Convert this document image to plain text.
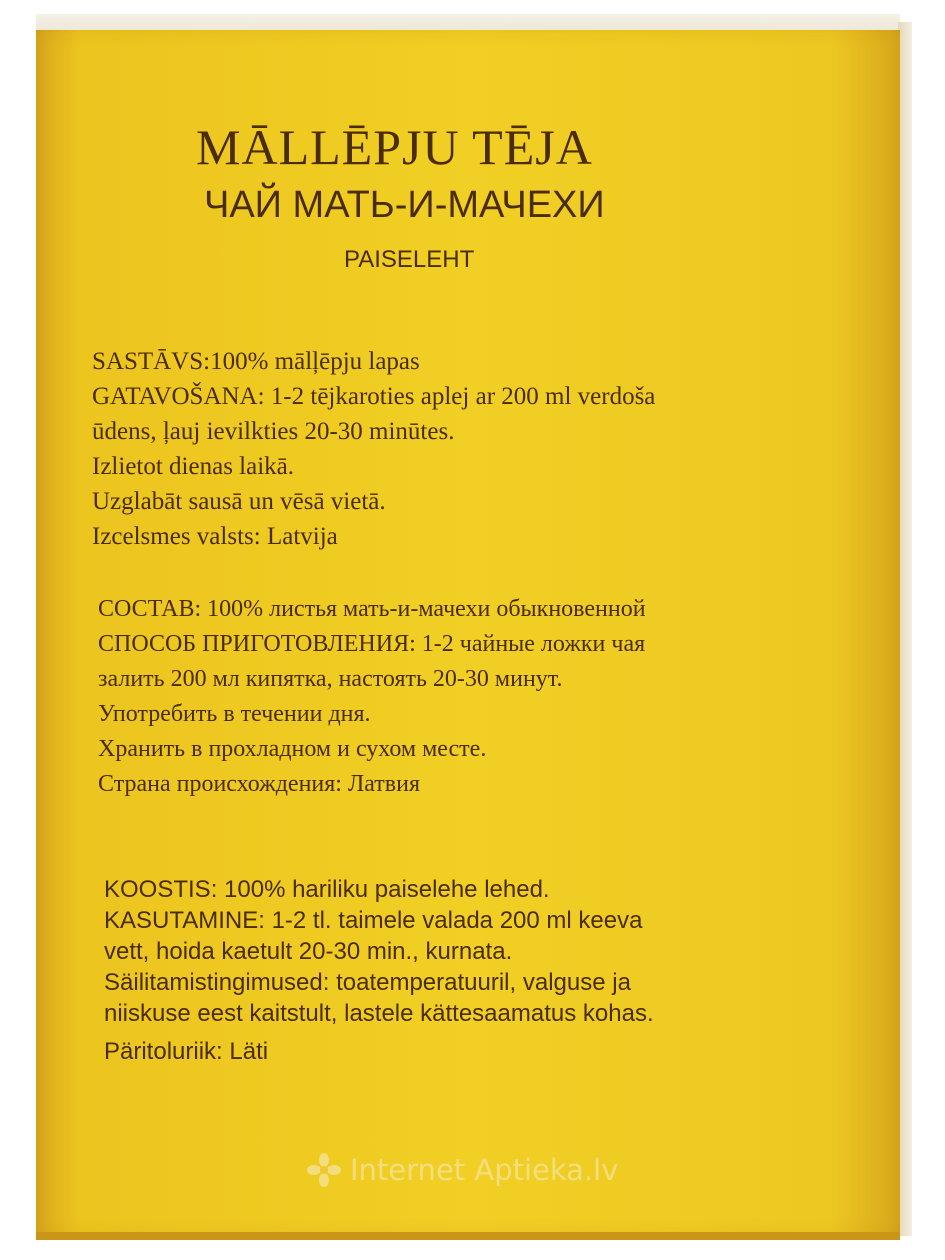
MĀLLĒPJU TĒJA
ЧАЙ МАТЬ-И-МАЧЕХИ
PAISELEHT
SASTĀVS:100% mālļēpju lapas
GATAVOŠANA: 1-2 tējkaroties aplej ar 200 ml verdoša
ūdens, ļauj ievilkties 20-30 minūtes.
Izlietot dienas laikā.
Uzglabāt sausā un vēsā vietā.
Izcelsmes valsts: Latvija
СОСТАВ: 100% листья мать-и-мачехи обыкновенной
СПОСОБ ПРИГОТОВЛЕНИЯ: 1-2 чайные ложки чая
залить 200 мл кипятка, настоять 20-30 минут.
Употребить в течении дня.
Хранить в прохладном и сухом месте.
Страна происхождения: Латвия
KOOSTIS: 100% hariliku paiselehe lehed.
KASUTAMINE: 1-2 tl. taimele valada 200 ml keeva
vett, hoida kaetult 20-30 min., kurnata.
Säilitamistingimused: toatemperatuuril, valguse ja
niiskuse eest kaitstult, lastele kättesaamatus kohas.
Päritoluriik: Läti
Internet Aptieka.lv
